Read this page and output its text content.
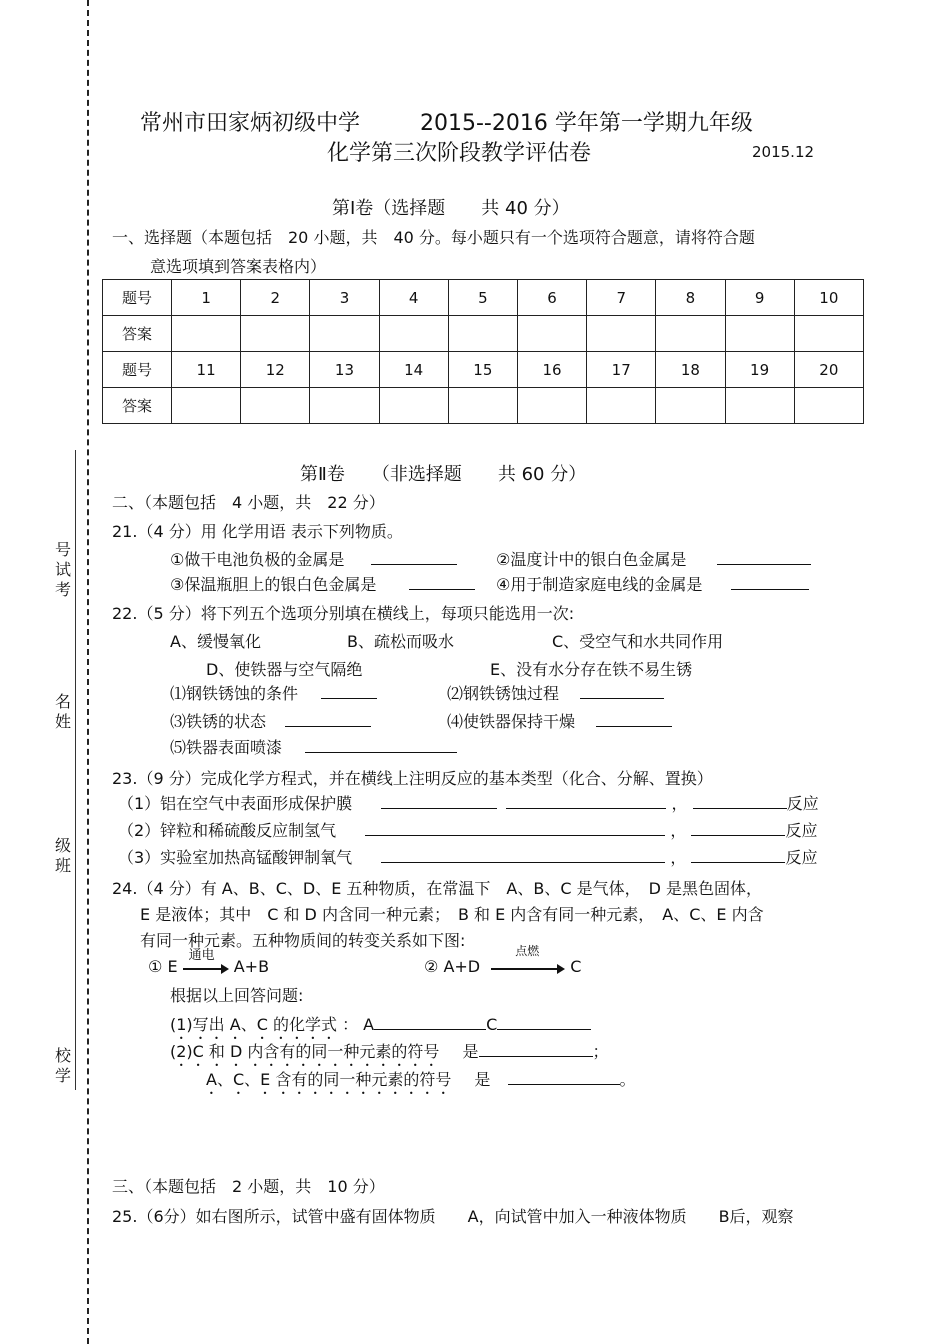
号
试
考
名
姓
级
班
校
学
常州市田家炳初级中学	2015--2016 学年第一学期九年级
化学第三次阶段教学评估卷	2015.12
第Ⅰ卷（选择题　　共 40 分）
一、选择题（本题包括　20 小题，共　40 分。每小题只有一个选项符合题意，请将符合题
意选项填到答案表格内）
题号	1	2	3	4	5	6	7	8	9	10
答案										
题号	11	12	13	14	15	16	17	18	19	20
答案										
第Ⅱ卷　　（非选择题　　共 60 分）
二、（本题包括　4 小题，共　22 分）
21.（4 分）用 化学用语 表示下列物质。
①做干电池负极的金属是	②温度计中的银白色金属是
③保温瓶胆上的银白色金属是	④用于制造家庭电线的金属是
22.（5 分）将下列五个选项分别填在横线上，每项只能选用一次:
A、缓慢氧化	B、疏松而吸水	C、受空气和水共同作用
D、使铁器与空气隔绝	E、没有水分存在铁不易生锈
⑴钢铁锈蚀的条件	⑵钢铁锈蚀过程
⑶铁锈的状态	⑷使铁器保持干燥
⑸铁器表面喷漆
23.（9 分）完成化学方程式，并在横线上注明反应的基本类型（化合、分解、置换）
（1）铝在空气中表面形成保护膜	，	反应
（2）锌粒和稀硫酸反应制氢气	，	反应
（3）实验室加热高锰酸钾制氧气	，	反应
24.（4 分）有 A、B、C、D、E 五种物质，在常温下　A、B、C 是气体，　D 是黑色固体，
E 是液体；其中　C 和 D 内含同一种元素；　B 和 E 内含有同一种元素，　A、C、E 内含
有同一种元素。五种物质间的转变关系如下图:
① E
通电
A+B	② A+D
点燃
C
根据以上回答问题:
(1)写出 A、C 的化学式 ： A	C
(2)C 和 D 内含有的同一种元素的符号 是	；
A、C、E 含有的同一种元素的符号 是	。
三、（本题包括　2 小题，共　10 分）
25.（6分）如右图所示，试管中盛有固体物质　　A，向试管中加入一种液体物质　　B后，观察
